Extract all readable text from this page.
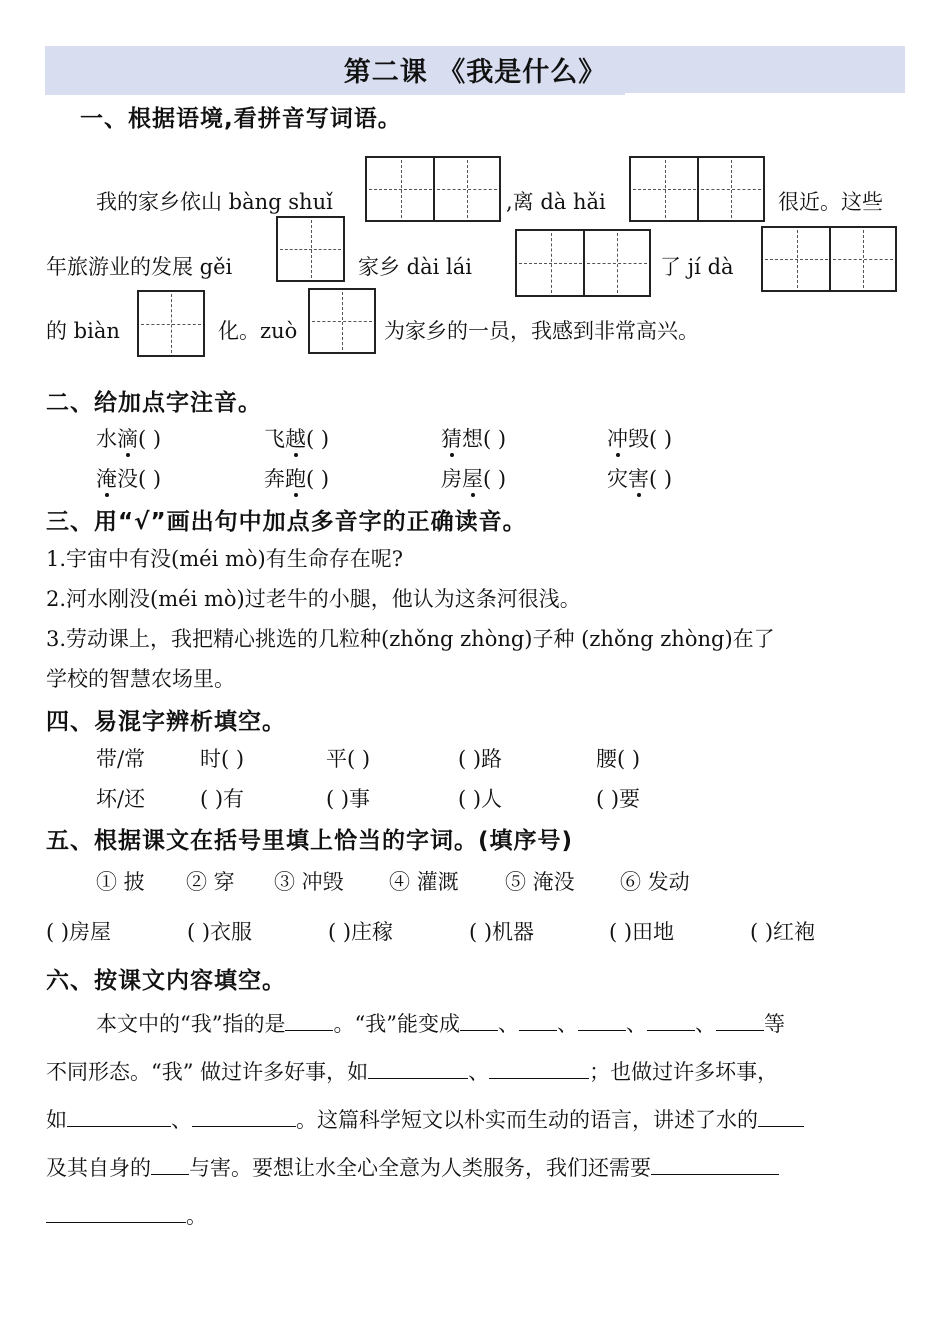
第二课 《我是什么》
一、根据语境,看拼音写词语。
我的家乡依山 bàng shuǐ	,离 dà hǎi	很近。这些
年旅游业的发展 gěi	家乡 dài lái	了 jí dà
的 biàn	化。zuò	为家乡的一员，我感到非常高兴。
二、给加点字注音。
水滴( )	飞越( )	猜想( )	冲毁( )
淹没( )	奔跑( )	房屋( )	灾害( )
三、用“√”画出句中加点多音字的正确读音。
1.宇宙中有没(méi mò)有生命存在呢?
2.河水刚没(méi mò)过老牛的小腿，他认为这条河很浅。
3.劳动课上，我把精心挑选的几粒种(zhǒng zhòng)子种 (zhǒng zhòng)在了
学校的智慧农场里。
四、易混字辨析填空。
带/常	时( )	平( )	( )路	腰( )
坏/还	( )有	( )事	( )人	( )要
五、根据课文在括号里填上恰当的字词。(填序号)
① 披 ② 穿 ③ 冲毁 ④ 灌溉 ⑤ 淹没 ⑥ 发动
( )房屋	( )衣服	( )庄稼	( )机器	( )田地	( )红袍
六、按课文内容填空。
本文中的“我”指的是 。“我”能变成 、 、 、 、 等
不同形态。“我” 做过许多好事，如	、	；也做过许多坏事，
如	、	。这篇科学短文以朴实而生动的语言，讲述了水的
及其自身的 与害。要想让水全心全意为人类服务，我们还需要
。
